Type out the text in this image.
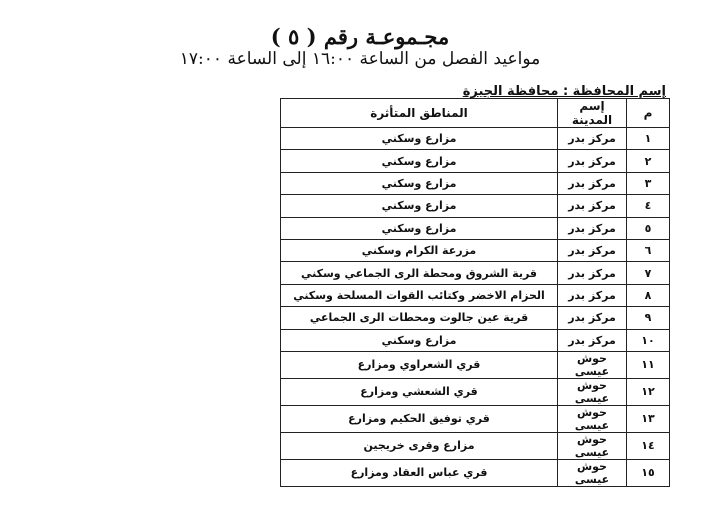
مجـموعـة رقم ( ٥ )
مواعيد الفصل من الساعة ١٦:٠٠ إلى الساعة ١٧:٠٠
إسم المحافظة : محافظة الجيزة
م	إسم المدينة	المناطق المتأثرة
١	مركز بدر	مزارع وسكني
٢	مركز بدر	مزارع وسكني
٣	مركز بدر	مزارع وسكني
٤	مركز بدر	مزارع وسكني
٥	مركز بدر	مزارع وسكني
٦	مركز بدر	مزرعة الكرام وسكني
٧	مركز بدر	قرية الشروق ومحطة الرى الجماعي وسكني
٨	مركز بدر	الحزام الاخضر وكتائب القوات المسلحة وسكني
٩	مركز بدر	قرية عين جالوت ومحطات الرى الجماعي
١٠	مركز بدر	مزارع وسكني
١١	حوش عيسى	قري الشعراوي ومزارع
١٢	حوش عيسى	قري الشعشي ومزارع
١٣	حوش عيسى	قري توفيق الحكيم ومزارع
١٤	حوش عيسى	مزارع وقرى خريجين
١٥	حوش عيسى	قري عباس العقاد ومزارع
